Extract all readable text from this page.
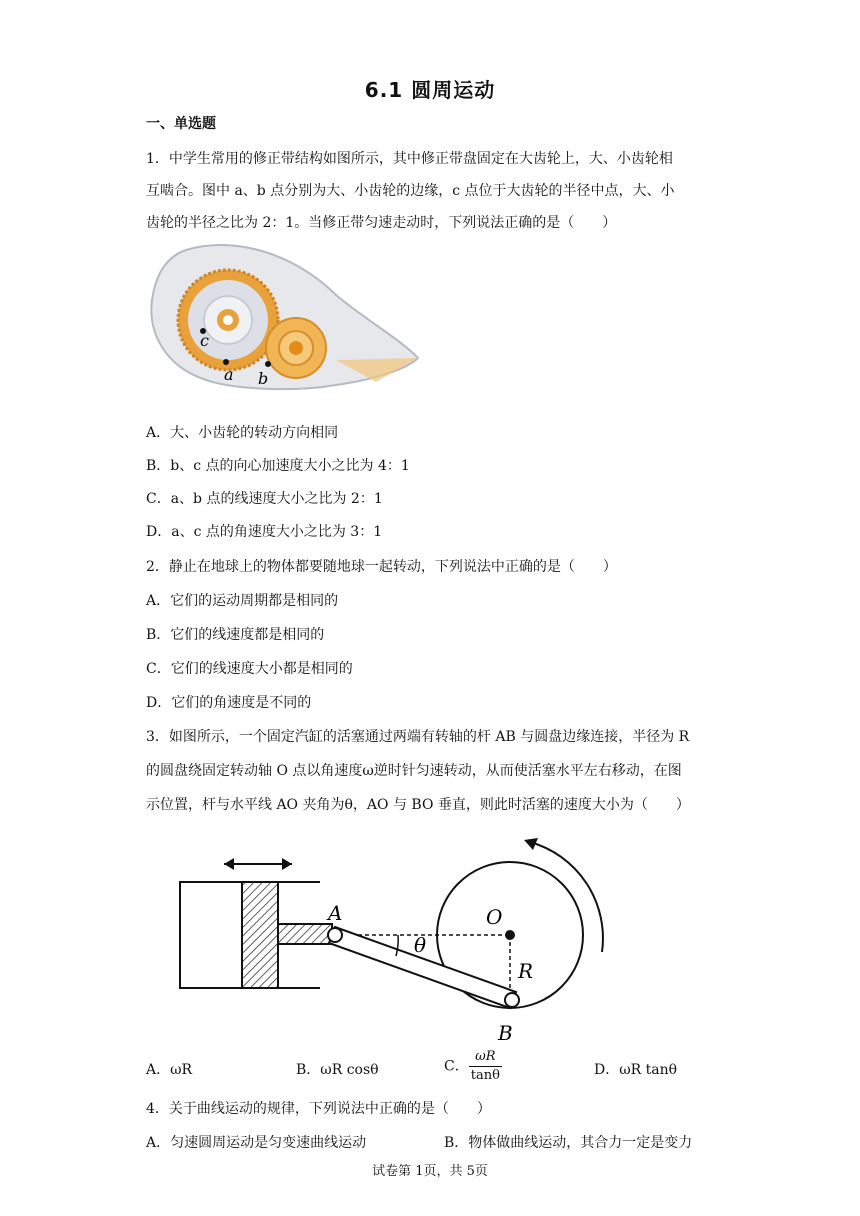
6.1 圆周运动
一、单选题
1．中学生常用的修正带结构如图所示，其中修正带盘固定在大齿轮上，大、小齿轮相
互啮合。图中 a、b 点分别为大、小齿轮的边缘，c 点位于大齿轮的半径中点，大、小
齿轮的半径之比为 2：1。当修正带匀速走动时，下列说法正确的是（　　）
c
a b
A．大、小齿轮的转动方向相同
B．b、c 点的向心加速度大小之比为 4：1
C．a、b 点的线速度大小之比为 2：1
D．a、c 点的角速度大小之比为 3：1
2．静止在地球上的物体都要随地球一起转动，下列说法中正确的是（　　）
A．它们的运动周期都是相同的
B．它们的线速度都是相同的
C．它们的线速度大小都是相同的
D．它们的角速度是不同的
3．如图所示，一个固定汽缸的活塞通过两端有转轴的杆 AB 与圆盘边缘连接，半径为 R
的圆盘绕固定转动轴 O 点以角速度ω逆时针匀速转动，从而使活塞水平左右移动，在图
示位置，杆与水平线 AO 夹角为θ，AO 与 BO 垂直，则此时活塞的速度大小为（　　）
A	O
θ
R
B
A．ωR	B．ωR cosθ	C． $\frac{\omega R}{\tan\theta}$	D．ωR tanθ
4．关于曲线运动的规律，下列说法中正确的是（　　）
A．匀速圆周运动是匀变速曲线运动	B．物体做曲线运动，其合力一定是变力
试卷第 1页，共 5页
